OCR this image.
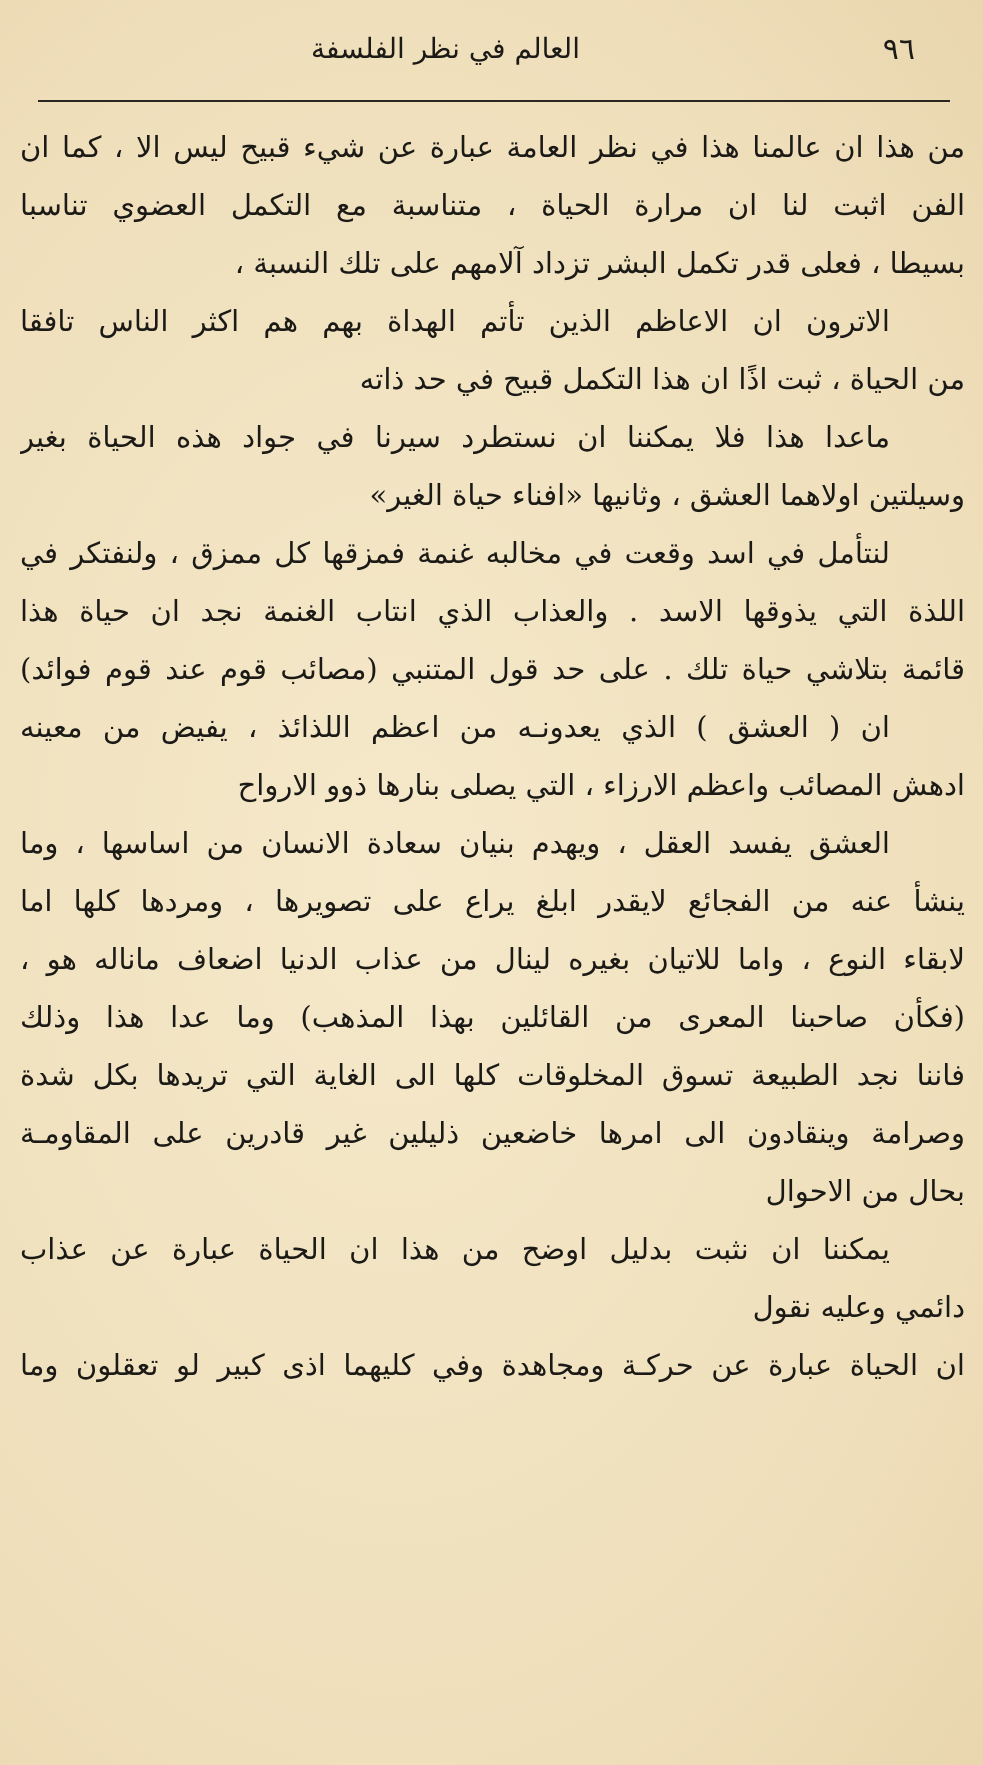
٩٦
العالم في نظر الفلسفة
من هذا ان عالمنا هذا في نظر العامة عبارة عن شيء قبيح ليس الا ، كما ان
الفن اثبت لنا ان مرارة الحياة ، متناسبة مع التكمل العضوي تناسبا
بسيطا ، فعلى قدر تكمل البشر تزداد آلامهم على تلك النسبة ،
الاترون ان الاعاظم الذين تأتم الهداة بهم هم اكثر الناس تافقا
من الحياة ، ثبت اذًا ان هذا التكمل قبيح في حد ذاته
ماعدا هذا فلا يمكننا ان نستطرد سيرنا في جواد هذه الحياة بغير
وسيلتين اولاهما العشق ، وثانيها «افناء حياة الغير»
لنتأمل في اسد وقعت في مخالبه غنمة فمزقها كل ممزق ، ولنفتكر في
اللذة التي يذوقها الاسد . والعذاب الذي انتاب الغنمة نجد ان حياة هذا
قائمة بتلاشي حياة تلك . على حد قول المتنبي (مصائب قوم عند قوم فوائد)
ان ( العشق ) الذي يعدونـه من اعظم اللذائذ ، يفيض من معينه
ادهش المصائب واعظم الارزاء ، التي يصلى بنارها ذوو الارواح
العشق يفسد العقل ، ويهدم بنيان سعادة الانسان من اساسها ، وما
ينشأ عنه من الفجائع لايقدر ابلغ يراع على تصويرها ، ومردها كلها اما
لابقاء النوع ، واما للاتيان بغيره لينال من عذاب الدنيا اضعاف ماناله هو ،
(فكأن صاحبنا المعرى من القائلين بهذا المذهب) وما عدا هذا وذلك
فاننا نجد الطبيعة تسوق المخلوقات كلها الى الغاية التي تريدها بكل شدة
وصرامة وينقادون الى امرها خاضعين ذليلين غير قادرين على المقاومـة
بحال من الاحوال
يمكننا ان نثبت بدليل اوضح من هذا ان الحياة عبارة عن عذاب
دائمي وعليه نقول
ان الحياة عبارة عن حركـة ومجاهدة وفي كليهما اذى كبير لو تعقلون وما
